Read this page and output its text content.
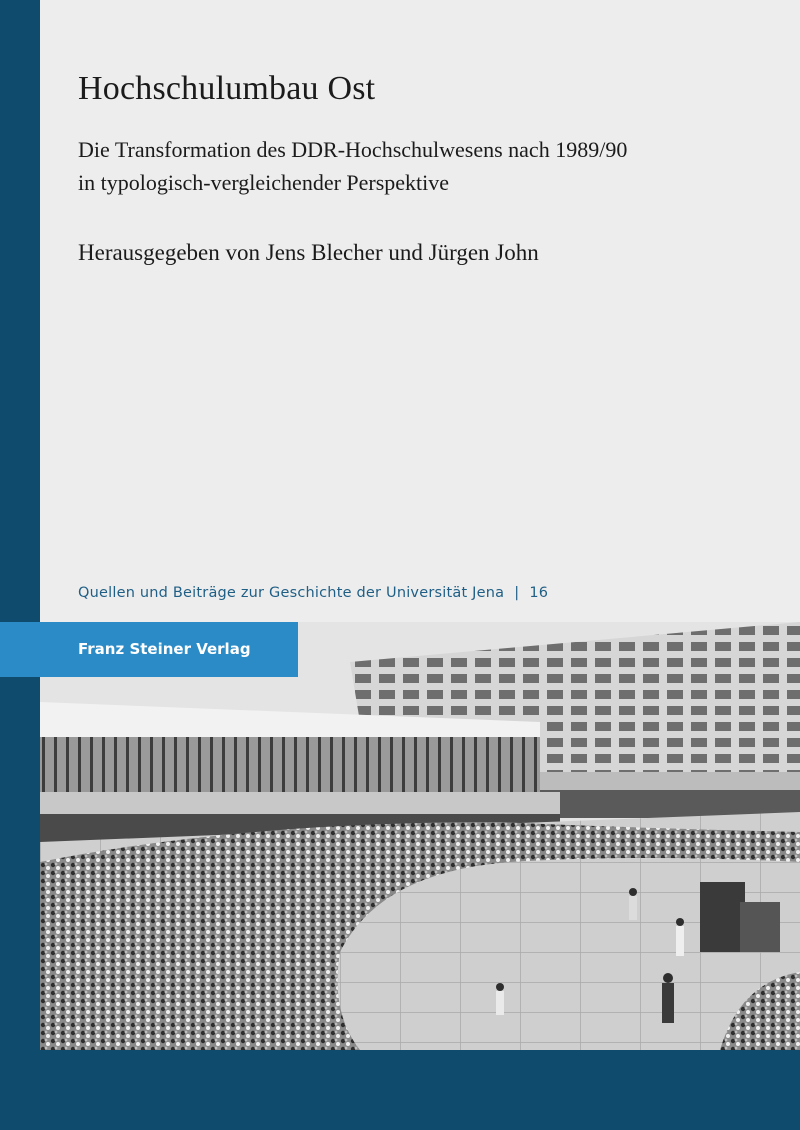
Hochschulumbau Ost
Die Transformation des DDR-Hochschulwesens nach 1989/90
in typologisch-vergleichender Perspektive
Herausgegeben von Jens Blecher und Jürgen John
Quellen und Beiträge zur Geschichte der Universität Jena | 16
Franz Steiner Verlag
